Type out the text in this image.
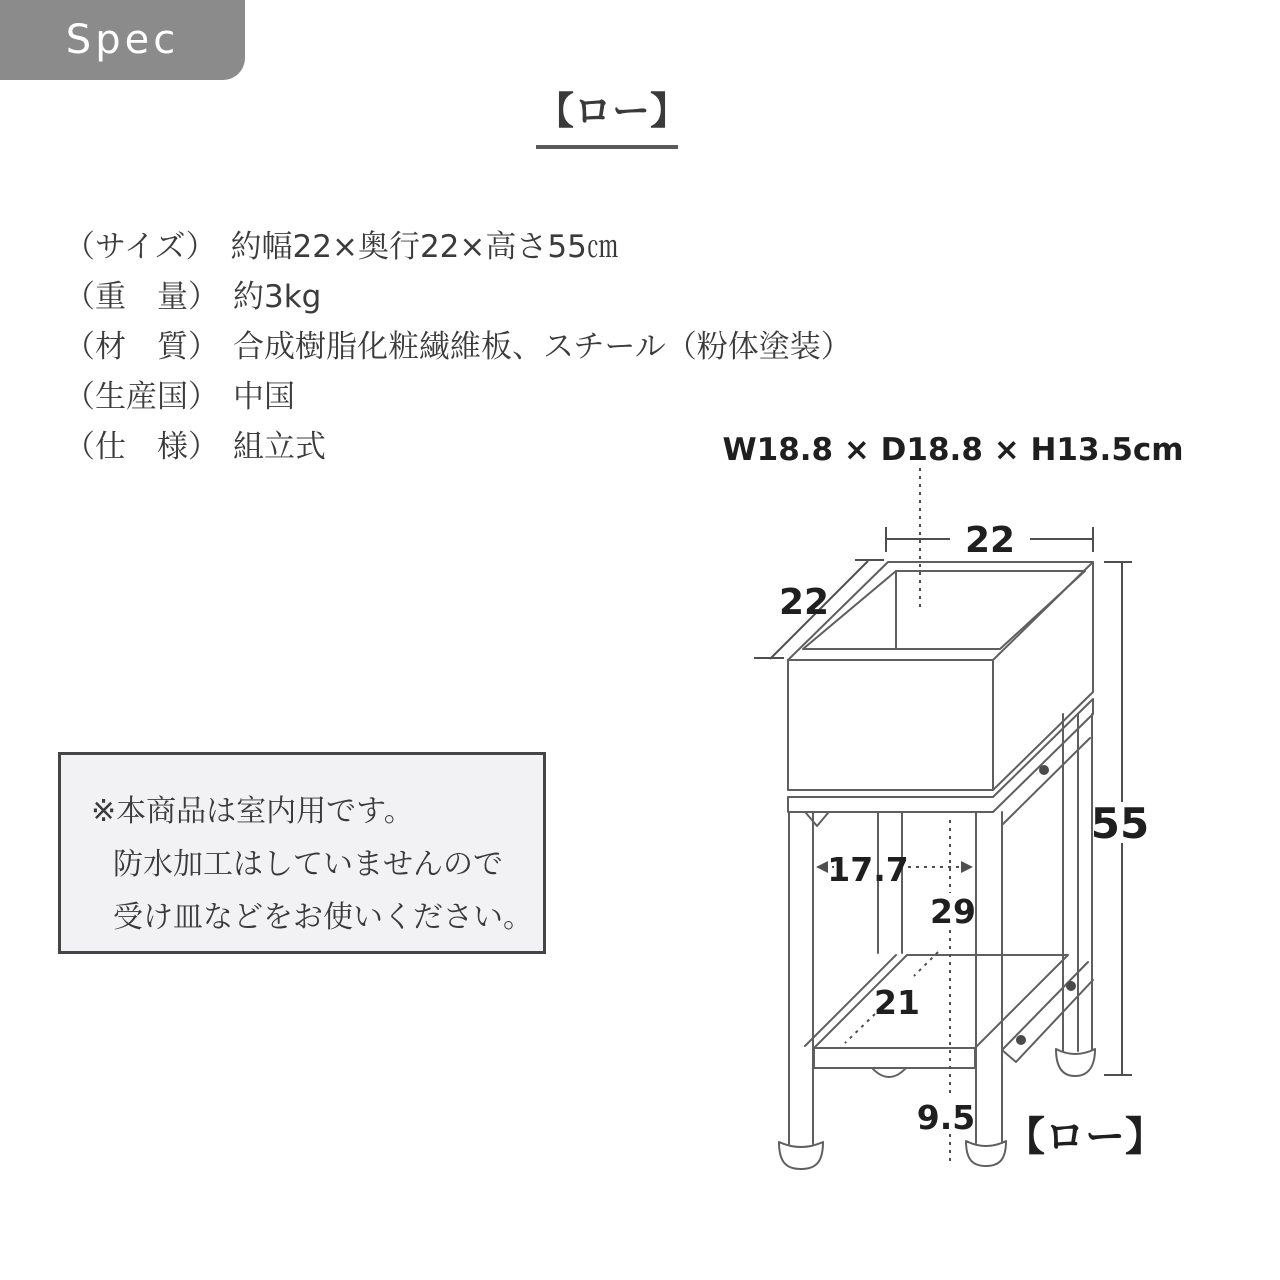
Spec
【ロー】
（サイズ） 約幅22×奥行22×高さ55㎝
（重　量） 約3kg
（材　質） 合成樹脂化粧繊維板、スチール（粉体塗装）
（生産国） 中国
（仕　様） 組立式
※本商品は室内用です。
防水加工はしていませんので
受け皿などをお使いください。
W18.8 × D18.8 × H13.5cm
22
22
55
17.7
29
21
9.5 【ロー】
